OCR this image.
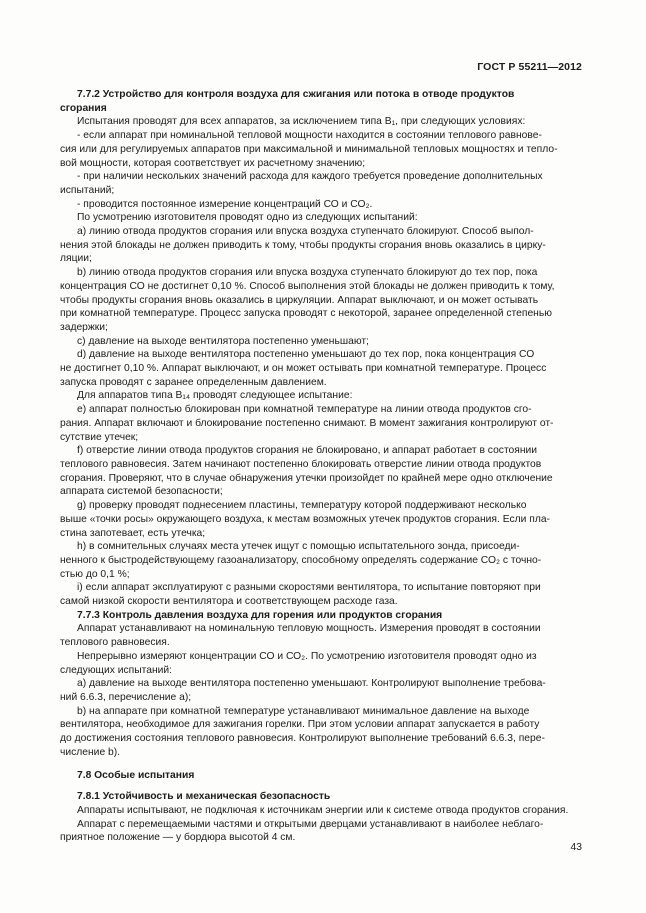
ГОСТ Р 55211—2012

7.7.2 Устройство для контроля воздуха для сжигания или потока в отводе продуктов

сгорания

Испытания проводят для всех аппаратов, за исключением типа В₁, при следующих условиях:

- если аппарат при номинальной тепловой мощности находится в состоянии теплового равнове-

сия или для регулируемых аппаратов при максимальной и минимальной тепловых мощностях и тепло-

вой мощности, которая соответствует их расчетному значению;

- при наличии нескольких значений расхода для каждого требуется проведение дополнительных

испытаний;

- проводится постоянное измерение концентраций СО и СО₂.

По усмотрению изготовителя проводят одно из следующих испытаний:

а) линию отвода продуктов сгорания или впуска воздуха ступенчато блокируют. Способ выпол-

нения этой блокады не должен приводить к тому, чтобы продукты сгорания вновь оказались в цирку-

ляции;

b) линию отвода продуктов сгорания или впуска воздуха ступенчато блокируют до тех пор, пока

концентрация СО не достигнет 0,10 %. Способ выполнения этой блокады не должен приводить к тому,

чтобы продукты сгорания вновь оказались в циркуляции. Аппарат выключают, и он может остывать

при комнатной температуре. Процесс запуска проводят с некоторой, заранее определенной степенью

задержки;

с) давление на выходе вентилятора постепенно уменьшают;

d) давление на выходе вентилятора постепенно уменьшают до тех пор, пока концентрация СО

не достигнет 0,10 %. Аппарат выключают, и он может остывать при комнатной температуре. Процесс

запуска проводят с заранее определенным давлением.

Для аппаратов типа В₁₄ проводят следующее испытание:

е) аппарат полностью блокирован при комнатной температуре на линии отвода продуктов сго-

рания. Аппарат включают и блокирование постепенно снимают. В момент зажигания контролируют от-

сутствие утечек;

f) отверстие линии отвода продуктов сгорания не блокировано, и аппарат работает в состоянии

теплового равновесия. Затем начинают постепенно блокировать отверстие линии отвода продуктов

сгорания. Проверяют, что в случае обнаружения утечки произойдет по крайней мере одно отключение

аппарата системой безопасности;

g) проверку проводят поднесением пластины, температуру которой поддерживают несколько

выше «точки росы» окружающего воздуха, к местам возможных утечек продуктов сгорания. Если пла-

стина запотевает, есть утечка;

h) в сомнительных случаях места утечек ищут с помощью испытательного зонда, присоеди-

ненного к быстродействующему газоанализатору, способному определять содержание СО₂ с точно-

стью до 0,1 %;

i) если аппарат эксплуатируют с разными скоростями вентилятора, то испытание повторяют при

самой низкой скорости вентилятора и соответствующем расходе газа.

7.7.3 Контроль давления воздуха для горения или продуктов сгорания

Аппарат устанавливают на номинальную тепловую мощность. Измерения проводят в состоянии

теплового равновесия.

Непрерывно измеряют концентрации СО и СО₂. По усмотрению изготовителя проводят одно из

следующих испытаний:

а) давление на выходе вентилятора постепенно уменьшают. Контролируют выполнение требова-

ний 6.6.3, перечисление а);

b) на аппарате при комнатной температуре устанавливают минимальное давление на выходе

вентилятора, необходимое для зажигания горелки. При этом условии аппарат запускается в работу

до достижения состояния теплового равновесия. Контролируют выполнение требований 6.6.3, пере-

числение b).

7.8 Особые испытания

7.8.1 Устойчивость и механическая безопасность

Аппараты испытывают, не подключая к источникам энергии или к системе отвода продуктов сгорания.

Аппарат с перемещаемыми частями и открытыми дверцами устанавливают в наиболее неблаго-

приятное положение — у бордюра высотой 4 см.

43
